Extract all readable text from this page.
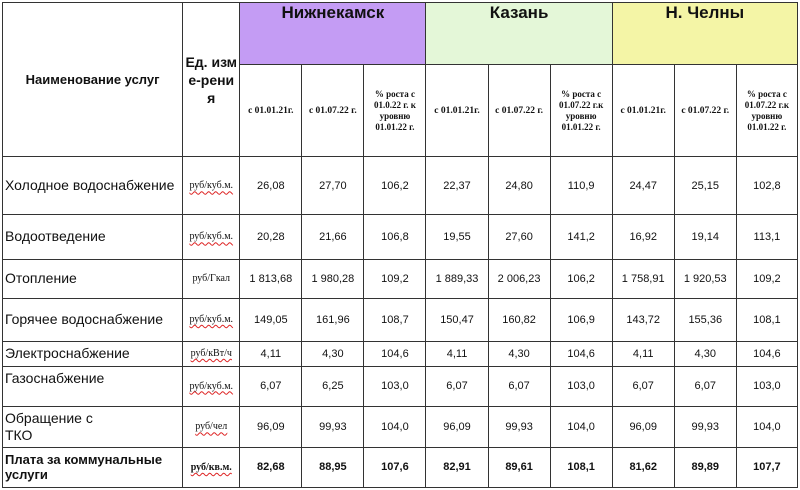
Наименование услуг	Ед. изме-рения	Нижнекамск			Казань			Н. Челны		
		с 01.01.21г.	с 01.07.22 г.	% роста с 01.0.22 г. к уровню 01.01.22 г.	с 01.01.21г.	с 01.07.22 г.	% роста с 01.07.22 г.к уровню 01.01.22 г.	с 01.01.21г.	с 01.07.22 г.	% роста с 01.07.22 г.к уровню 01.01.22 г.
Холодное водоснабжение	руб/куб.м.	26,08	27,70	106,2	22,37	24,80	110,9	24,47	25,15	102,8
Водоотведение	руб/куб.м.	20,28	21,66	106,8	19,55	27,60	141,2	16,92	19,14	113,1
Отопление	руб/Гкал	1 813,68	1 980,28	109,2	1 889,33	2 006,23	106,2	1 758,91	1 920,53	109,2
Горячее водоснабжение	руб/куб.м.	149,05	161,96	108,7	150,47	160,82	106,9	143,72	155,36	108,1
Электроснабжение	руб/кВт/ч	4,11	4,30	104,6	4,11	4,30	104,6	4,11	4,30	104,6
Газоснабжение	руб/куб.м.	6,07	6,25	103,0	6,07	6,07	103,0	6,07	6,07	103,0

Обращение с ТКО	руб/чел	96,09	99,93	104,0	96,09	99,93	104,0	96,09	99,93	104,0
Плата за коммунальные услуги	руб/кв.м.	82,68	88,95	107,6	82,91	89,61	108,1	81,62	89,89	107,7
